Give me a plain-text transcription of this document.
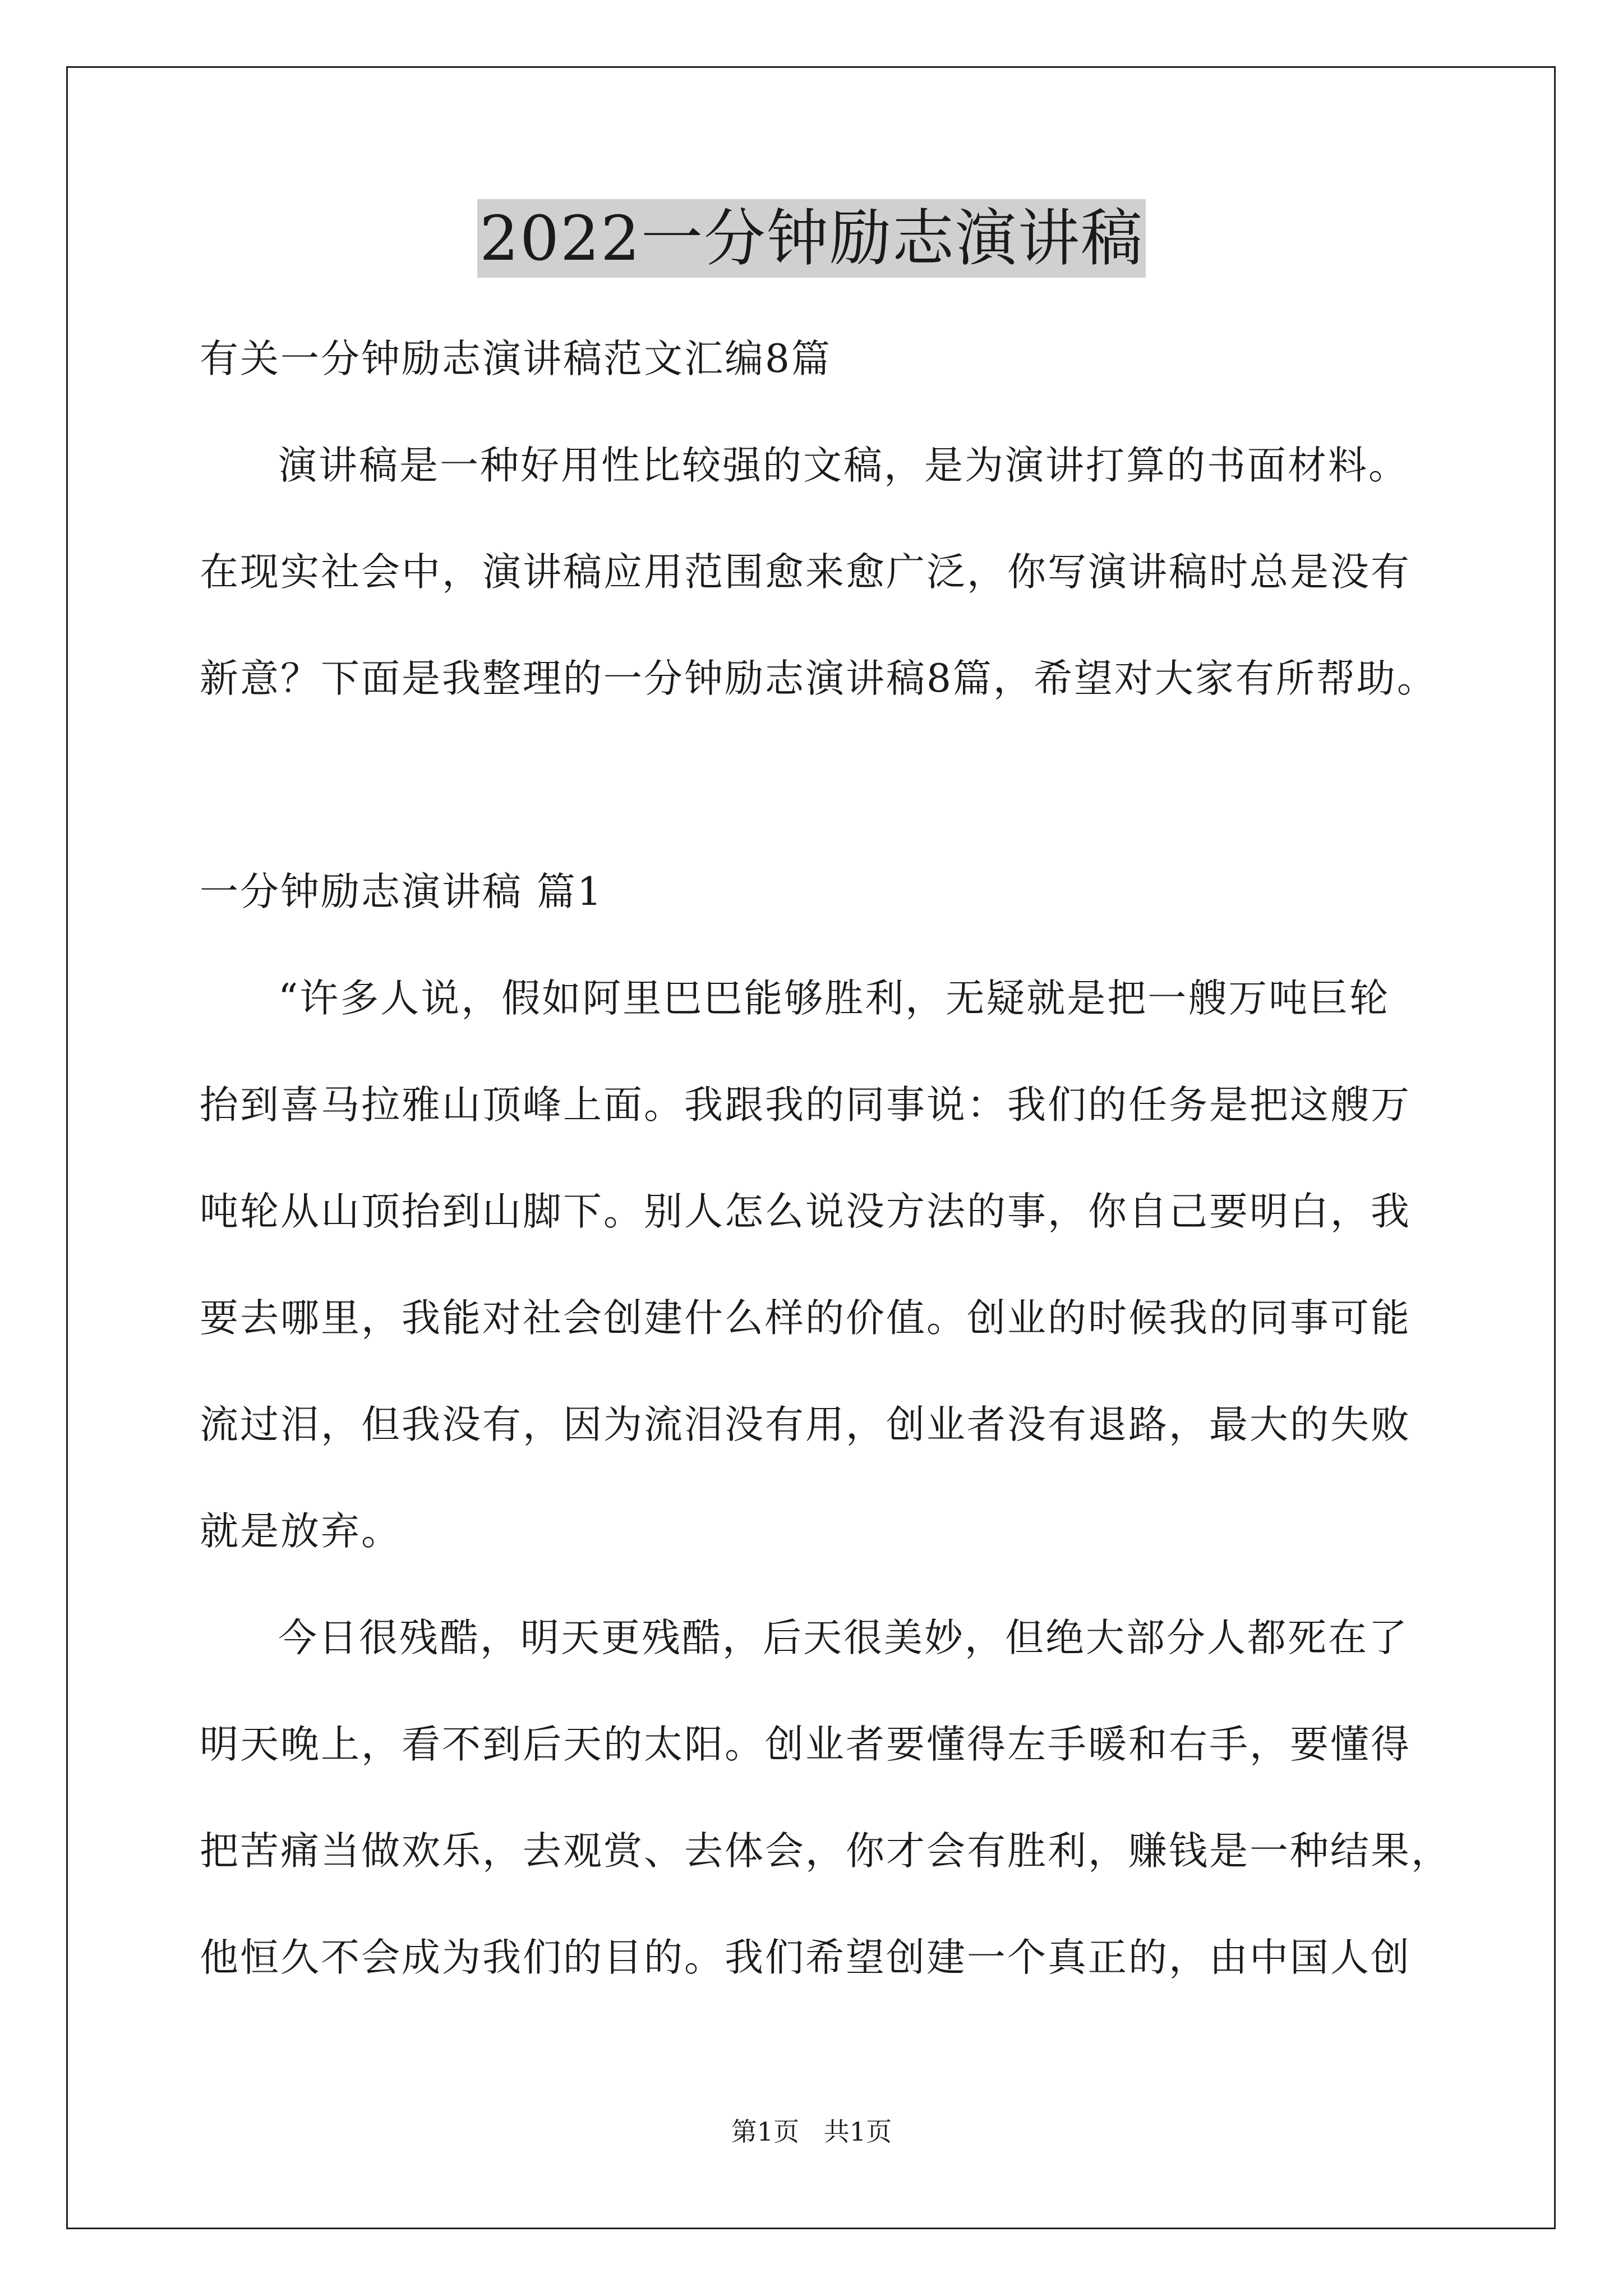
2022一分钟励志演讲稿
有关一分钟励志演讲稿范文汇编8篇
演讲稿是一种好用性比较强的文稿，是为演讲打算的书面材料。
在现实社会中，演讲稿应用范围愈来愈广泛，你写演讲稿时总是没有
新意？下面是我整理的一分钟励志演讲稿8篇，希望对大家有所帮助。
一分钟励志演讲稿 篇1
“许多人说，假如阿里巴巴能够胜利，无疑就是把一艘万吨巨轮
抬到喜马拉雅山顶峰上面。我跟我的同事说：我们的任务是把这艘万
吨轮从山顶抬到山脚下。别人怎么说没方法的事，你自己要明白，我
要去哪里，我能对社会创建什么样的价值。创业的时候我的同事可能
流过泪，但我没有，因为流泪没有用，创业者没有退路，最大的失败
就是放弃。
今日很残酷，明天更残酷，后天很美妙，但绝大部分人都死在了
明天晚上，看不到后天的太阳。创业者要懂得左手暖和右手，要懂得
把苦痛当做欢乐，去观赏、去体会，你才会有胜利，赚钱是一种结果，
他恒久不会成为我们的目的。我们希望创建一个真正的，由中国人创
第1页   共1页
